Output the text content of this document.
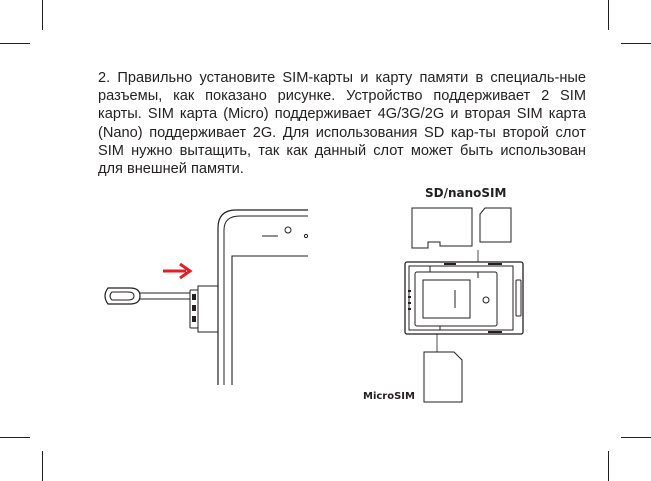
2. Правильно установите SIM-карты и карту памяти в специаль-ные разъемы, как показано рисунке. Устройство поддерживает 2 SIM карты. SIM карта (Micro) поддерживает 4G/3G/2G и вторая SIM карта (Nano) поддерживает 2G. Для использования SD кар-ты второй слот SIM нужно вытащить, так как данный слот может быть использован для внешней памяти.

SD/nanoSIM
MicroSIM
